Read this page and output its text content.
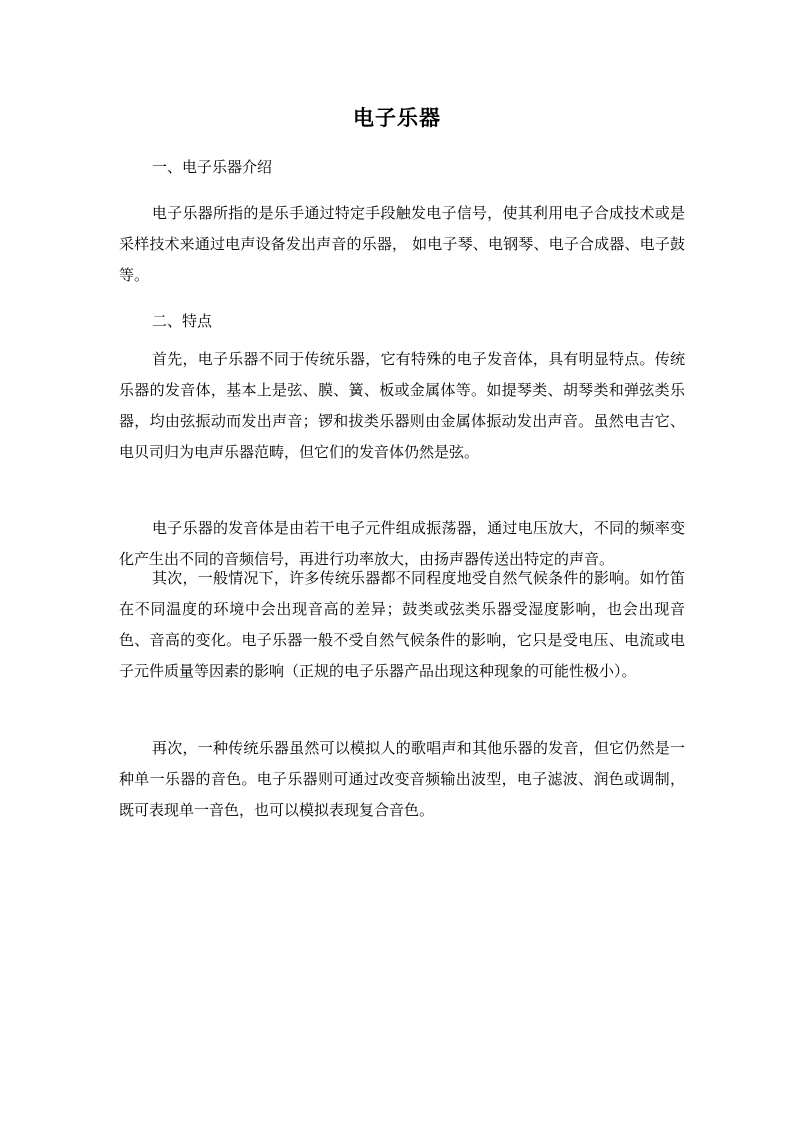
电子乐器
一、电子乐器介绍

电子乐器所指的是乐手通过特定手段触发电子信号，使其利用电子合成技术或是采样技术来通过电声设备发出声音的乐器， 如电子琴、电钢琴、电子合成器、电子鼓等。

二、特点

首先，电子乐器不同于传统乐器，它有特殊的电子发音体，具有明显特点。传统乐器的发音体，基本上是弦、膜、簧、板或金属体等。如提琴类、胡琴类和弹弦类乐器，均由弦振动而发出声音；锣和拔类乐器则由金属体振动发出声音。虽然电吉它、电贝司归为电声乐器范畴，但它们的发音体仍然是弦。

电子乐器的发音体是由若干电子元件组成振荡器，通过电压放大，不同的频率变化产生出不同的音频信号，再进行功率放大，由扬声器传送出特定的声音。

其次，一般情况下，许多传统乐器都不同程度地受自然气候条件的影响。如竹笛在不同温度的环境中会出现音高的差异；鼓类或弦类乐器受湿度影响，也会出现音色、音高的变化。电子乐器一般不受自然气候条件的影响，它只是受电压、电流或电子元件质量等因素的影响（正规的电子乐器产品出现这种现象的可能性极小）。

再次，一种传统乐器虽然可以模拟人的歌唱声和其他乐器的发音，但它仍然是一种单一乐器的音色。电子乐器则可通过改变音频输出波型，电子滤波、润色或调制，既可表现单一音色，也可以模拟表现复合音色。
